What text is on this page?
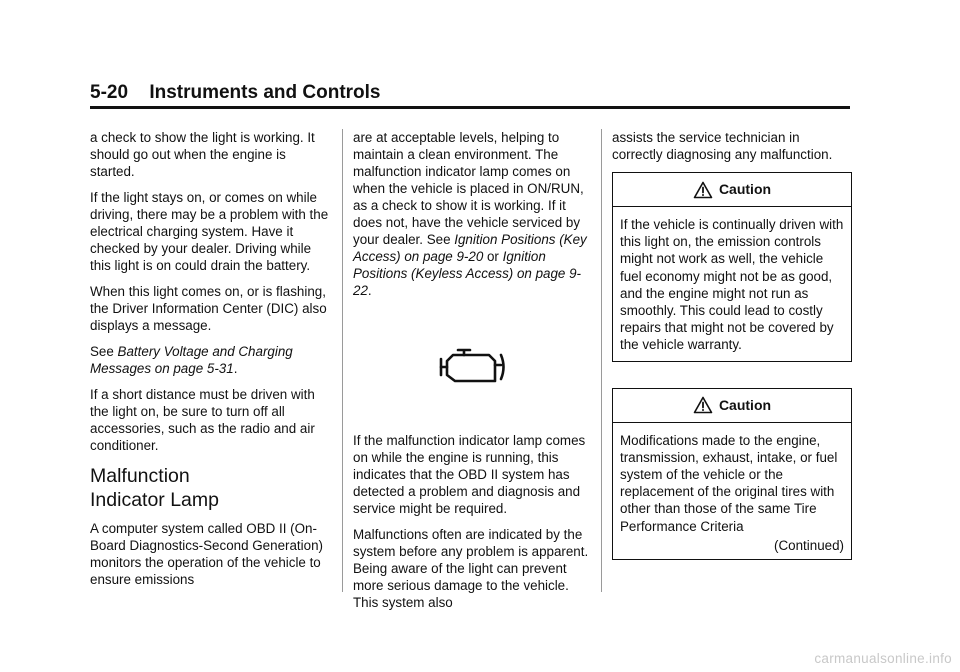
5-20 Instruments and Controls

a check to show the light is working. It should go out when the engine is started.

If the light stays on, or comes on while driving, there may be a problem with the electrical charging system. Have it checked by your dealer. Driving while this light is on could drain the battery.

When this light comes on, or is flashing, the Driver Information Center (DIC) also displays a message.

See Battery Voltage and Charging Messages on page 5-31.

If a short distance must be driven with the light on, be sure to turn off all accessories, such as the radio and air conditioner.

Malfunction
Indicator Lamp

A computer system called OBD II (On-Board Diagnostics-Second Generation) monitors the operation of the vehicle to ensure emissions

are at acceptable levels, helping to maintain a clean environment. The malfunction indicator lamp comes on when the vehicle is placed in ON/RUN, as a check to show it is working. If it does not, have the vehicle serviced by your dealer. See Ignition Positions (Key Access) on page 9-20 or Ignition Positions (Keyless Access) on page 9-22.

If the malfunction indicator lamp comes on while the engine is running, this indicates that the OBD II system has detected a problem and diagnosis and service might be required.

Malfunctions often are indicated by the system before any problem is apparent. Being aware of the light can prevent more serious damage to the vehicle. This system also

assists the service technician in correctly diagnosing any malfunction.

Caution
If the vehicle is continually driven with this light on, the emission controls might not work as well, the vehicle fuel economy might not be as good, and the engine might not run as smoothly. This could lead to costly repairs that might not be covered by the vehicle warranty.
Caution
Modifications made to the engine, transmission, exhaust, intake, or fuel system of the vehicle or the replacement of the original tires with other than those of the same Tire Performance Criteria
(Continued)
carmanualsonline.info
